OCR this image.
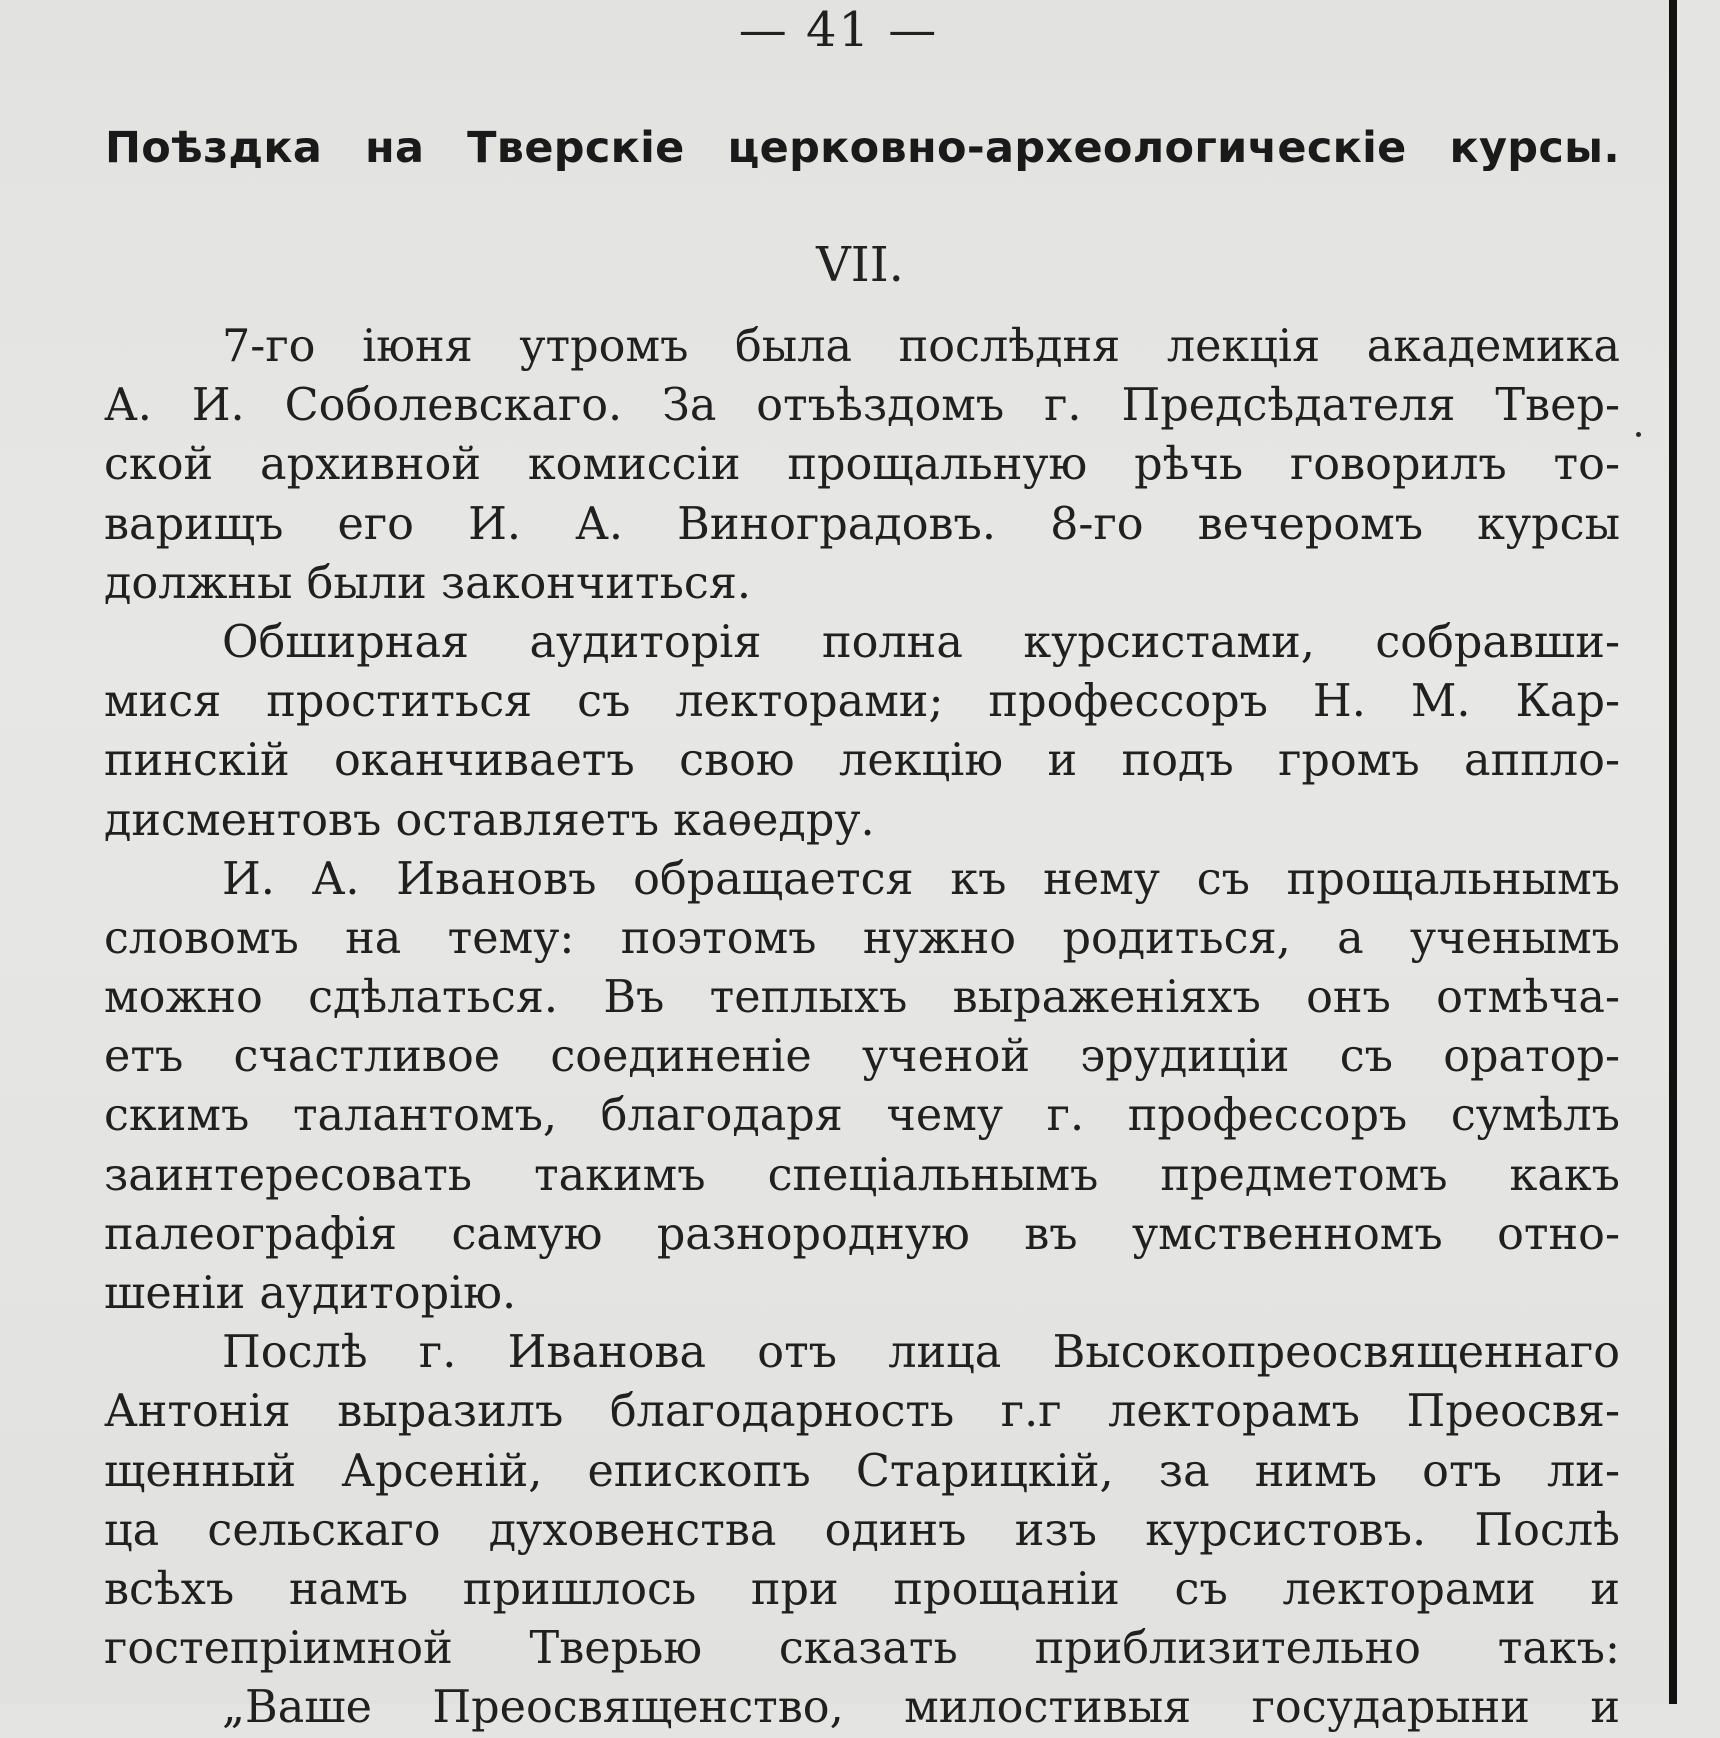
— 41 —
Поѣздка на Тверскіе церковно-археологическіе курсы.
VII.

7-го іюня утромъ была послѣдня лекція академика
А. И. Соболевскаго. За отъѣздомъ г. Предсѣдателя Твер-
ской архивной комиссіи прощальную рѣчь говорилъ то-
варищъ его И. А. Виноградовъ. 8-го вечеромъ курсы
должны были закончиться.

Обширная аудиторія полна курсистами, собравши-
мися проститься съ лекторами; профессоръ Н. М. Кар-
пинскій оканчиваетъ свою лекцію и подъ громъ аппло-
дисментовъ оставляетъ каѳедру.

И. А. Ивановъ обращается къ нему съ прощальнымъ
словомъ на тему: поэтомъ нужно родиться, а ученымъ
можно сдѣлаться. Въ теплыхъ выраженіяхъ онъ отмѣча-
етъ счастливое соединеніе ученой эрудиціи съ оратор-
скимъ талантомъ, благодаря чему г. профессоръ сумѣлъ
заинтересовать такимъ спеціальнымъ предметомъ какъ
палеографія самую разнородную въ умственномъ отно-
шеніи аудиторію.

Послѣ г. Иванова отъ лица Высокопреосвященнаго
Антонія выразилъ благодарность г.г лекторамъ Преосвя-
щенный Арсеній, епископъ Старицкій, за нимъ отъ ли-
ца сельскаго духовенства одинъ изъ курсистовъ. Послѣ
всѣхъ намъ пришлось при прощаніи съ лекторами и
гостепріимной Тверью сказать приблизительно такъ:
„Ваше Преосвященство, милостивыя государыни и
